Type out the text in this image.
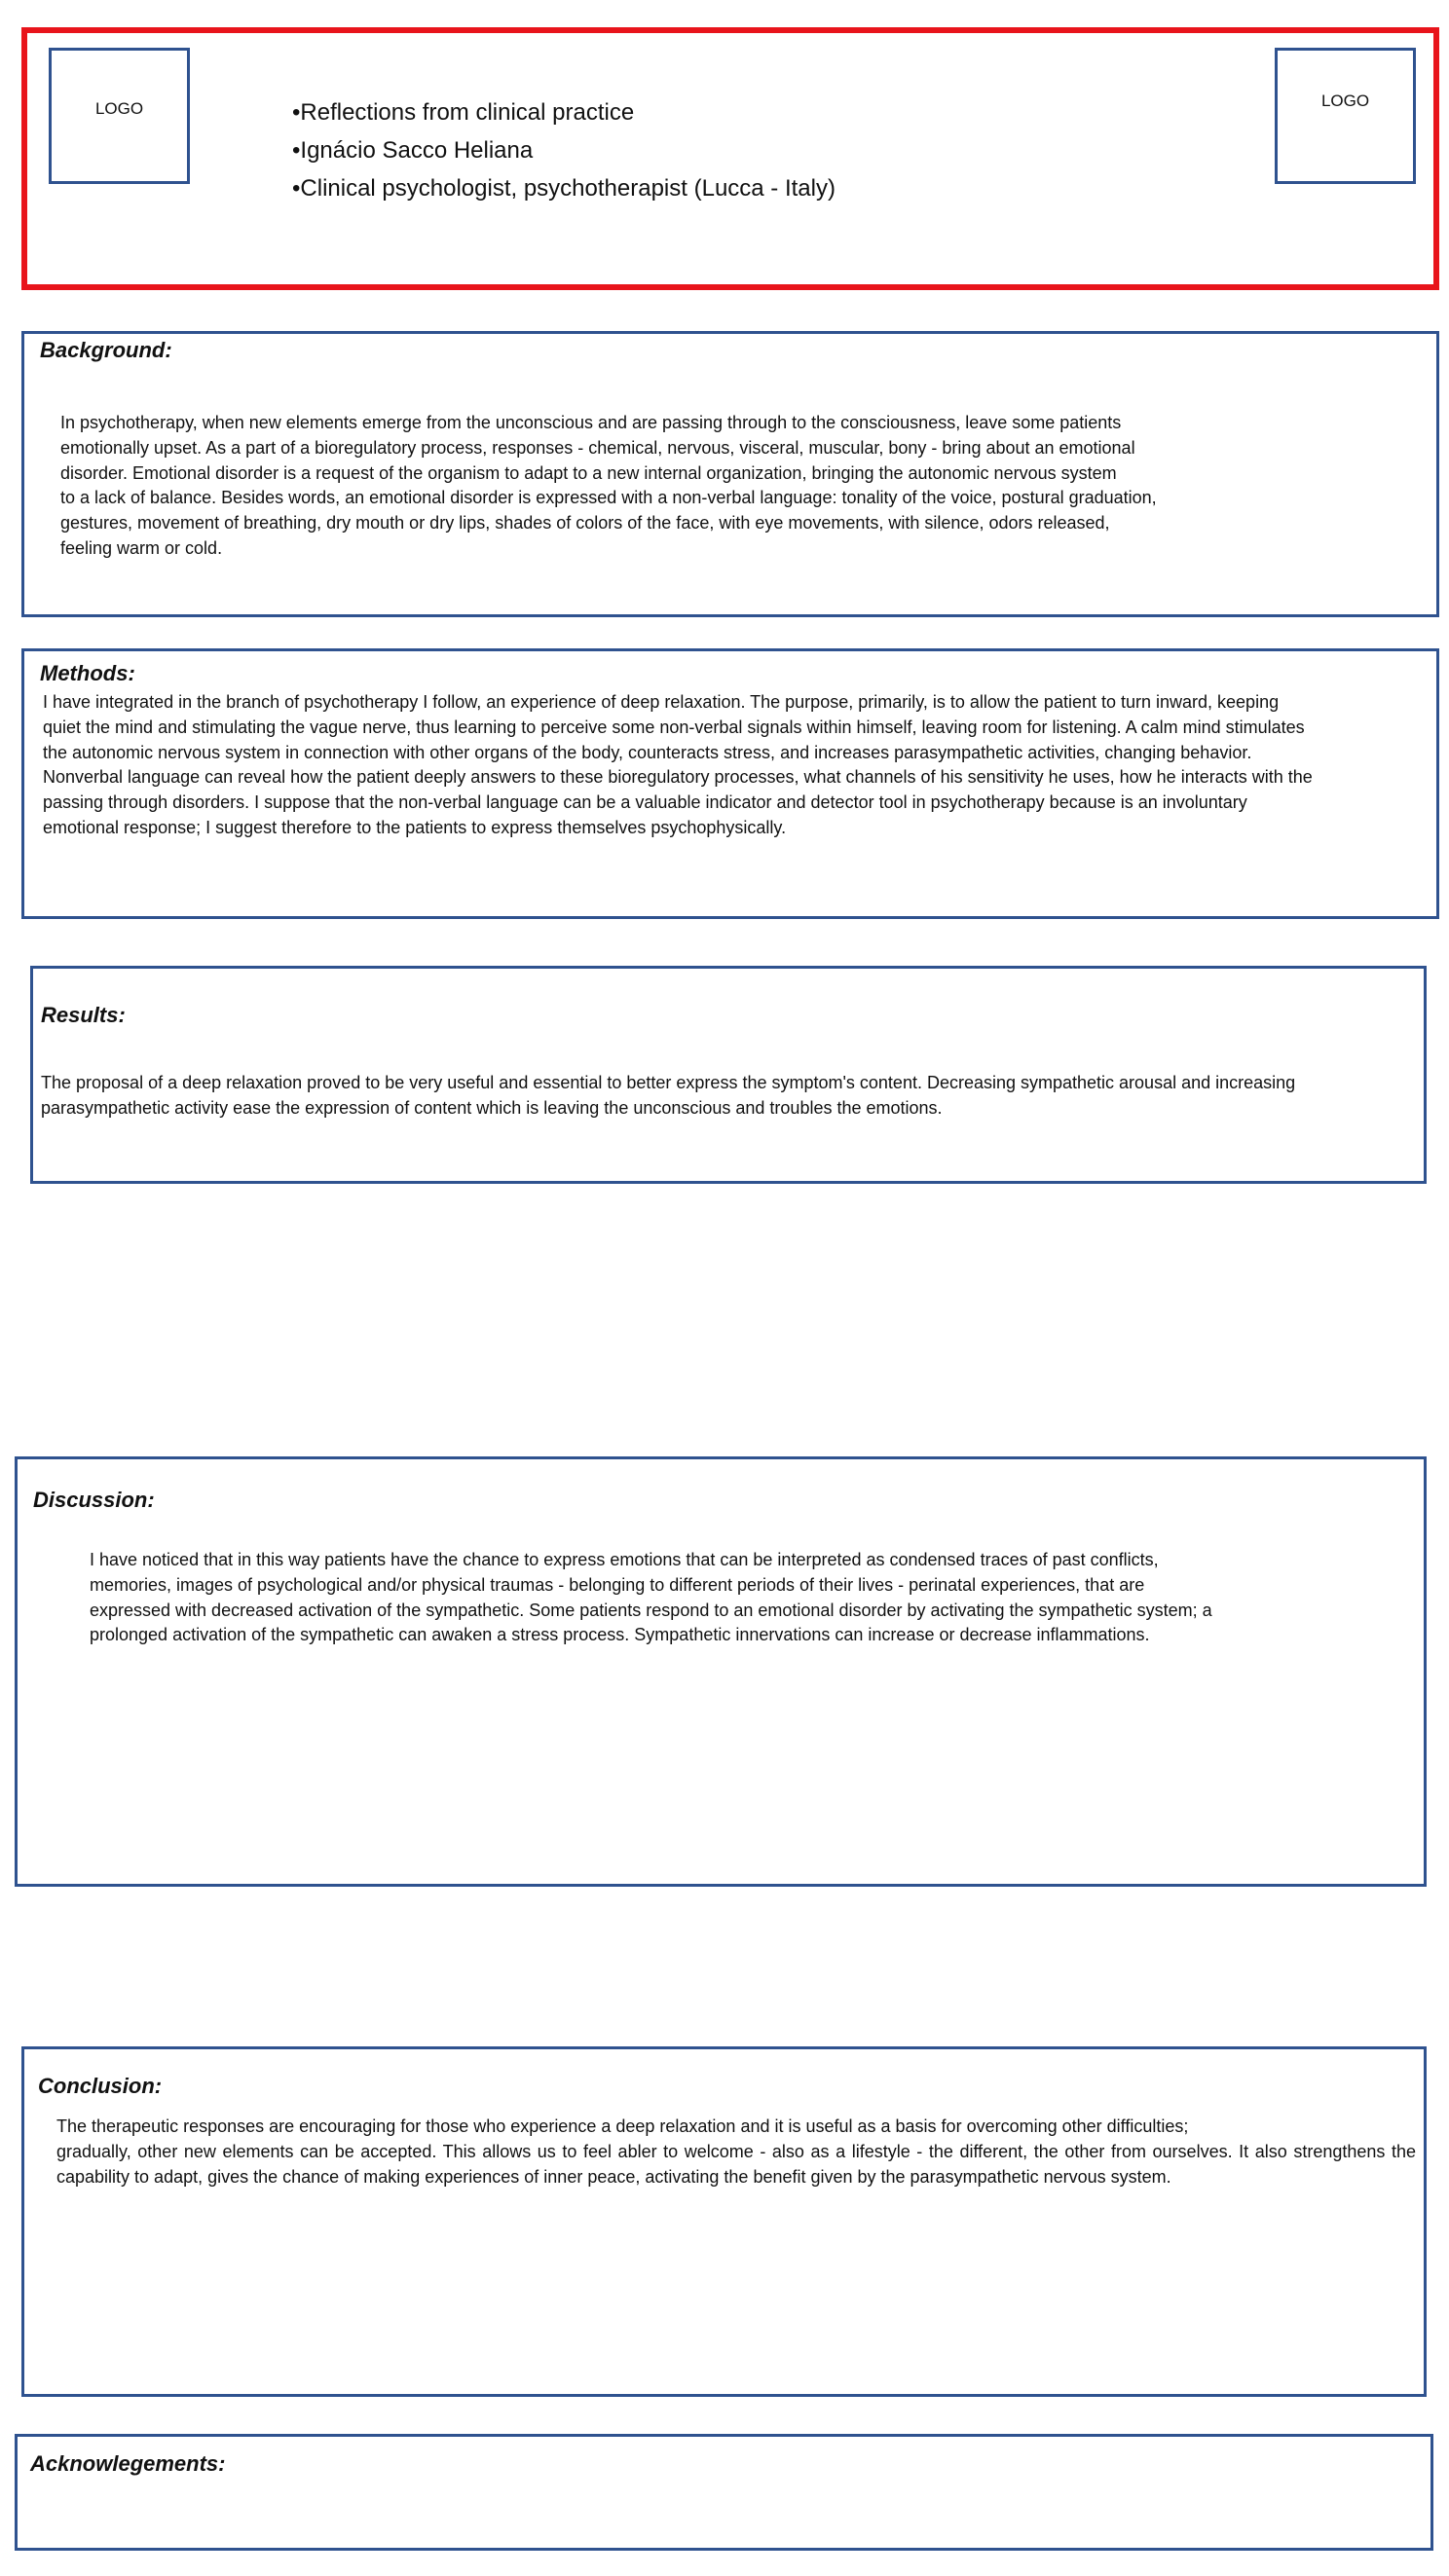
LOGO	LOGO
• Reflections from clinical practice
• Ignácio Sacco Heliana
• Clinical psychologist, psychotherapist (Lucca - Italy)
Background:

In psychotherapy, when new elements emerge from the unconscious and are passing through to the consciousness, leave some patients
emotionally upset. As a part of a bioregulatory process, responses - chemical, nervous, visceral, muscular, bony - bring about an emotional
disorder. Emotional disorder is a request of the organism to adapt to a new internal organization, bringing the autonomic nervous system
to a lack of balance. Besides words, an emotional disorder is expressed with a non-verbal language: tonality of the voice, postural graduation,
gestures, movement of breathing, dry mouth or dry lips, shades of colors of the face, with eye movements, with silence, odors released,
feeling warm or cold.

Methods:

I have integrated in the branch of psychotherapy I follow, an experience of deep relaxation. The purpose, primarily, is to allow the patient to turn inward, keeping
quiet the mind and stimulating the vague nerve, thus learning to perceive some non-verbal signals within himself, leaving room for listening. A calm mind stimulates
the autonomic nervous system in connection with other organs of the body, counteracts stress, and increases parasympathetic activities, changing behavior.
Nonverbal language can reveal how the patient deeply answers to these bioregulatory processes, what channels of his sensitivity he uses, how he interacts with the
passing through disorders. I suppose that the non-verbal language can be a valuable indicator and detector tool in psychotherapy because is an involuntary
emotional response; I suggest therefore to the patients to express themselves psychophysically.

Results:

The proposal of a deep relaxation proved to be very useful and essential to better express the symptom's content. Decreasing sympathetic arousal and increasing
parasympathetic activity ease the expression of content which is leaving the unconscious and troubles the emotions.

Discussion:

I have noticed that in this way patients have the chance to express emotions that can be interpreted as condensed traces of past conflicts,
memories, images of psychological and/or physical traumas - belonging to different periods of their lives - perinatal experiences, that are
expressed with decreased activation of the sympathetic. Some patients respond to an emotional disorder by activating the sympathetic system; a
prolonged activation of the sympathetic can awaken a stress process. Sympathetic innervations can increase or decrease inflammations.

Conclusion:

The therapeutic responses are encouraging for those who experience a deep relaxation and it is useful as a basis for overcoming other difficulties;

gradually, other new elements can be accepted. This allows us to feel abler to welcome - also as a lifestyle - the different, the other from ourselves. It also strengthens the capability to adapt, gives the chance of making experiences of inner peace, activating the benefit given by the parasympathetic nervous system.

Acknowlegements:
